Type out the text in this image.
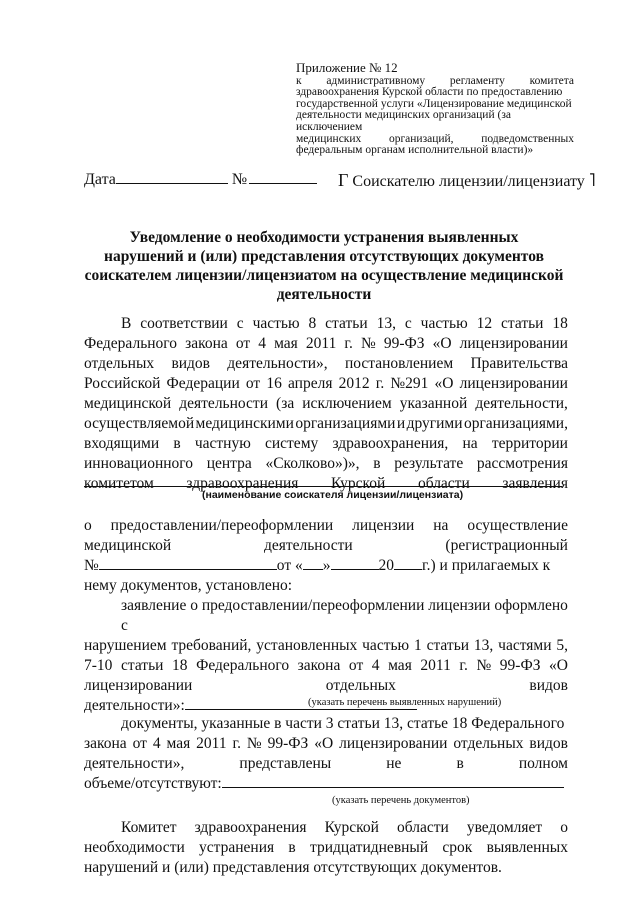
Приложение № 12
к административному регламенту комитета
здравоохранения Курской области по предоставлению
государственной услуги «Лицензирование медицинской
деятельности медицинских организаций (за исключением
медицинских организаций, подведомственных
федеральным органам исполнительной власти)»
Дата	№	Г Соискателю лицензии/лицензиату ˥
Уведомление о необходимости устранения выявленных
нарушений и (или) представления отсутствующих документов
соискателем лицензии/лицензиатом на осуществление медицинской
деятельности
В соответствии с частью 8 статьи 13, с частью 12 статьи 18
Федерального закона от 4 мая 2011 г. № 99-ФЗ «О лицензировании
отдельных видов деятельности», постановлением Правительства
Российской Федерации от 16 апреля 2012 г. №291 «О лицензировании
медицинской деятельности (за исключением указанной деятельности,
осуществляемой медицинскими организациями и другими организациями,
входящими в частную систему здравоохранения, на территории
инновационного центра «Сколково»)», в результате рассмотрения
комитетом здравоохранения Курской области заявления
(наименование соискателя лицензии/лицензиата)
о предоставлении/переоформлении лицензии на осуществление
медицинской	деятельности	(регистрационный
№	от « »	20 г.) и прилагаемых к
нему документов, установлено:
заявление о предоставлении/переоформлении лицензии оформлено с
нарушением требований, установленных частью 1 статьи 13, частями 5,
7-10 статьи 18 Федерального закона от 4 мая 2011 г. № 99-ФЗ «О
лицензировании	отдельных	видов
деятельности»:	(указать перечень выявленных нарушений)
документы, указанные в части 3 статьи 13, статье 18 Федерального
закона от 4 мая 2011 г. № 99-ФЗ «О лицензировании отдельных видов
деятельности»,	представлены	не	в	полном
объеме/отсутствуют:
(указать перечень документов)
Комитет здравоохранения Курской области уведомляет о
необходимости устранения в тридцатидневный срок выявленных
нарушений и (или) представления отсутствующих документов.
